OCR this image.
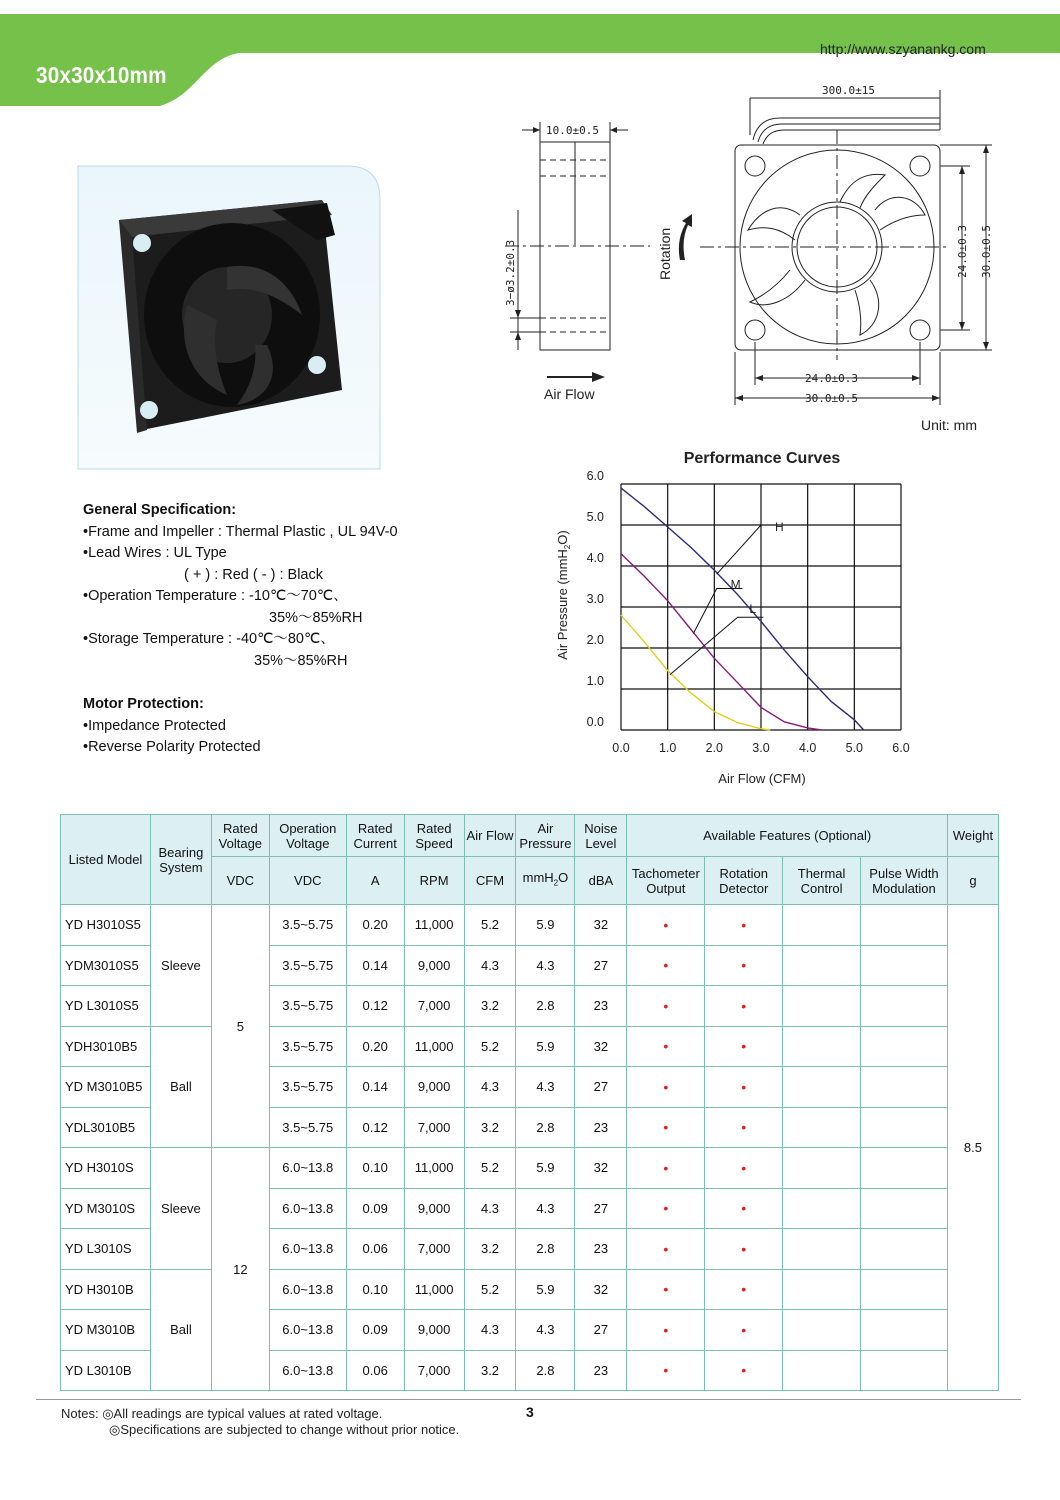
30x30x10mm
http://www.szyanankg.com
10.0±0.5
3−ø3.2±0.3
Air Flow
300.0±15
Rotation	24.0±0.3 30.0±0.5
24.0±0.3
30.0±0.5
Unit: mm
General Specification:
•Frame and Impeller : Thermal Plastic , UL 94V-0
•Lead Wires : UL Type
( + ) : Red ( - ) : Black
•Operation Temperature : -10℃～70℃、
35%～85%RH
•Storage Temperature : -40℃～80℃、
35%～85%RH
Motor Protection:
•Impedance Protected
•Reverse Polarity Protected
Performance Curves
H
M
L
0.0 1.0 2.0 3.0 4.0 5.0 6.0
0.0
1.0
2.0
3.0
4.0
5.0
6.0
Air Flow (CFM)
Air Pressure (mmH$_2$O)
Listed Model	Bearing System	Rated Voltage	Operation Voltage	Rated Current	Rated Speed	Air Flow	Air Pressure	Noise Level	Available Features (Optional)				Weight
		VDC	VDC	A	RPM	CFM	mmH$_2$O	dBA	Tachometer Output	Rotation Detector	Thermal Control	Pulse Width Modulation	g
YD H3010S5	Sleeve	5	3.5~5.75	0.20	11,000	5.2	5.9	32	•	•			8.5
YDM3010S5			3.5~5.75	0.14	9,000	4.3	4.3	27	•	•			
YD L3010S5			3.5~5.75	0.12	7,000	3.2	2.8	23	•	•			
YDH3010B5	Ball		3.5~5.75	0.20	11,000	5.2	5.9	32	•	•			
YD M3010B5			3.5~5.75	0.14	9,000	4.3	4.3	27	•	•			
YDL3010B5			3.5~5.75	0.12	7,000	3.2	2.8	23	•	•			
YD H3010S	Sleeve	12	6.0~13.8	0.10	11,000	5.2	5.9	32	•	•			
YD M3010S			6.0~13.8	0.09	9,000	4.3	4.3	27	•	•			
YD L3010S			6.0~13.8	0.06	7,000	3.2	2.8	23	•	•			
YD H3010B	Ball		6.0~13.8	0.10	11,000	5.2	5.9	32	•	•			
YD M3010B			6.0~13.8	0.09	9,000	4.3	4.3	27	•	•			
YD L3010B			6.0~13.8	0.06	7,000	3.2	2.8	23	•	•			
Notes: ◎All readings are typical values at rated voltage.
◎Specifications are subjected to change without prior notice.
3
